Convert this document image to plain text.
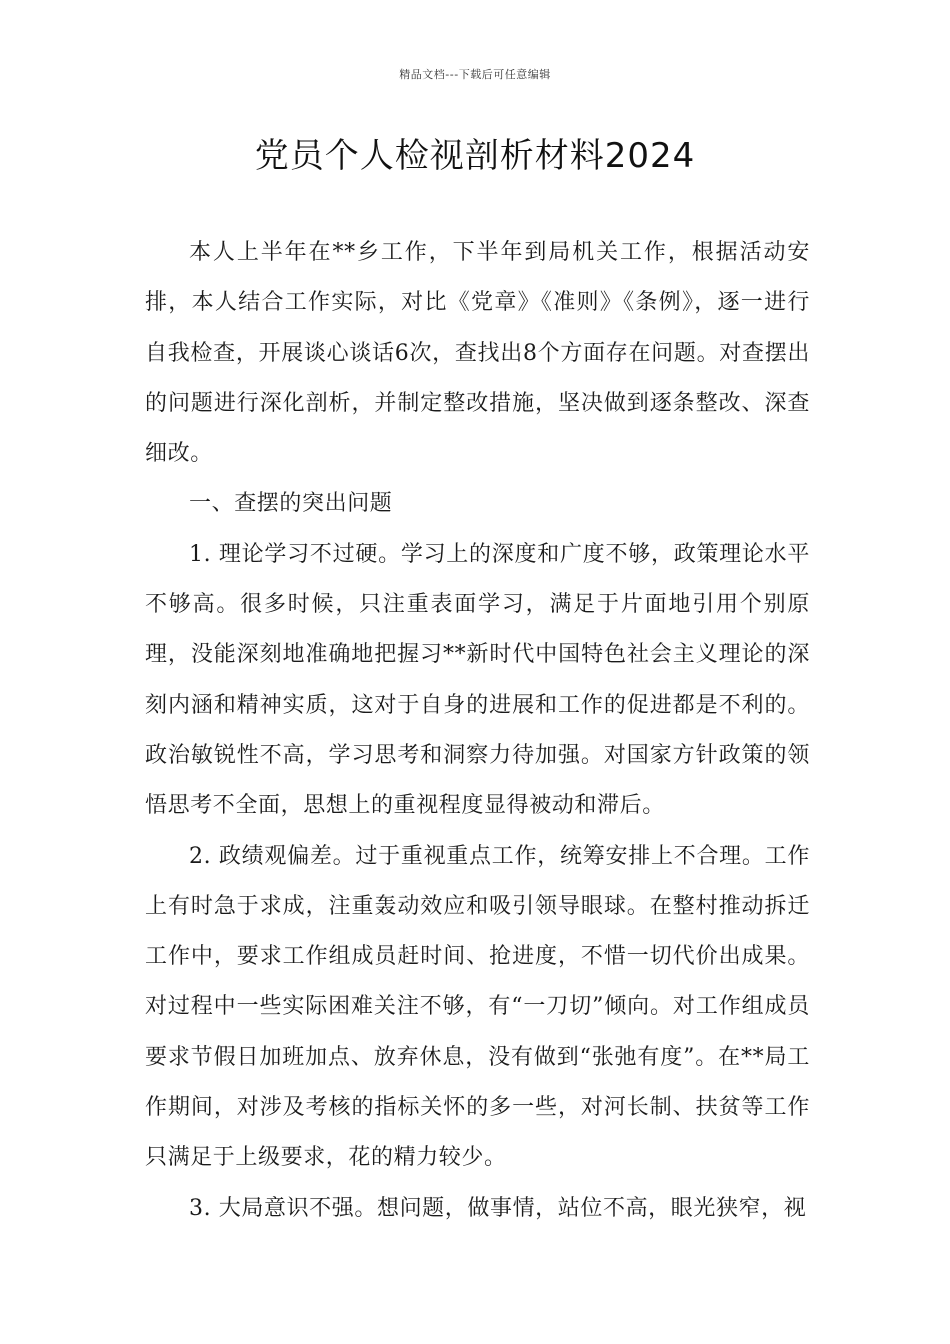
精品文档---下载后可任意编辑
党员个人检视剖析材料2024

本人上半年在**乡工作，下半年到局机关工作，根据活动安排，本人结合工作实际，对比《党章》《准则》《条例》，逐一进行自我检查，开展谈心谈话6次，查找出8个方面存在问题。对查摆出的问题进行深化剖析，并制定整改措施，坚决做到逐条整改、深查细改。

一、查摆的突出问题

1. 理论学习不过硬。学习上的深度和广度不够，政策理论水平不够高。很多时候，只注重表面学习，满足于片面地引用个别原理，没能深刻地准确地把握习**新时代中国特色社会主义理论的深刻内涵和精神实质，这对于自身的进展和工作的促进都是不利的。政治敏锐性不高，学习思考和洞察力待加强。对国家方针政策的领悟思考不全面，思想上的重视程度显得被动和滞后。

2. 政绩观偏差。过于重视重点工作，统筹安排上不合理。工作上有时急于求成，注重轰动效应和吸引领导眼球。在整村推动拆迁工作中，要求工作组成员赶时间、抢进度，不惜一切代价出成果。对过程中一些实际困难关注不够，有“一刀切”倾向。对工作组成员要求节假日加班加点、放弃休息，没有做到“张弛有度”。在**局工作期间，对涉及考核的指标关怀的多一些，对河长制、扶贫等工作只满足于上级要求，花的精力较少。

3. 大局意识不强。想问题，做事情，站位不高，眼光狭窄，视
